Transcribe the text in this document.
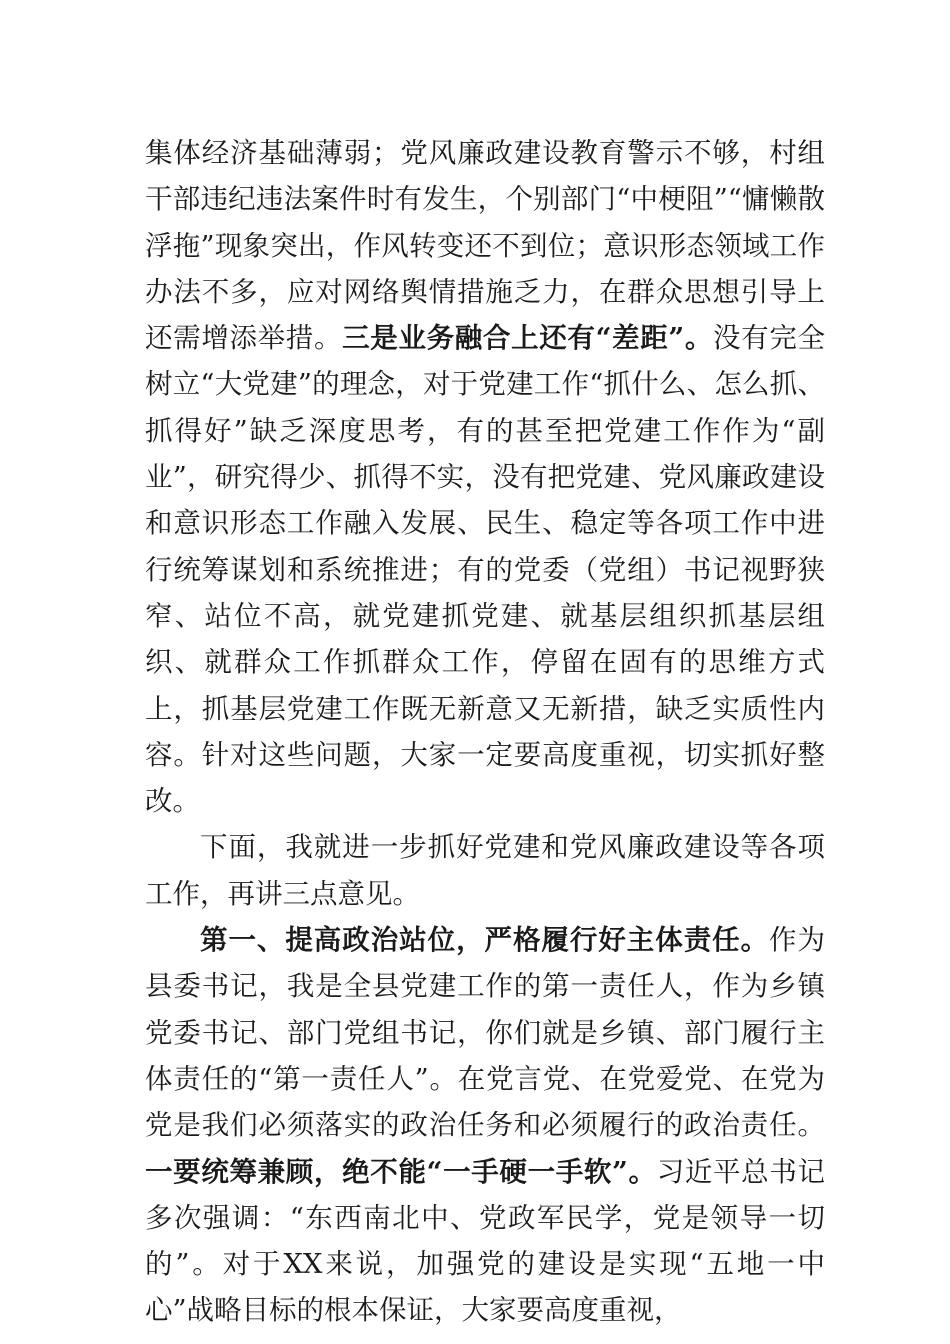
集体经济基础薄弱；党风廉政建设教育警示不够，村组干部违纪违法案件时有发生，个别部门“中梗阻”“慵懒散浮拖”现象突出，作风转变还不到位；意识形态领域工作办法不多，应对网络舆情措施乏力，在群众思想引导上还需增添举措。三是业务融合上还有“差距”。没有完全树立“大党建”的理念，对于党建工作“抓什么、怎么抓、抓得好”缺乏深度思考，有的甚至把党建工作作为“副业”，研究得少、抓得不实，没有把党建、党风廉政建设和意识形态工作融入发展、民生、稳定等各项工作中进行统筹谋划和系统推进；有的党委（党组）书记视野狭窄、站位不高，就党建抓党建、就基层组织抓基层组织、就群众工作抓群众工作，停留在固有的思维方式上，抓基层党建工作既无新意又无新措，缺乏实质性内容。针对这些问题，大家一定要高度重视，切实抓好整改。

下面，我就进一步抓好党建和党风廉政建设等各项工作，再讲三点意见。

第一、提高政治站位，严格履行好主体责任。作为县委书记，我是全县党建工作的第一责任人，作为乡镇党委书记、部门党组书记，你们就是乡镇、部门履行主体责任的“第一责任人”。在党言党、在党爱党、在党为党是我们必须落实的政治任务和必须履行的政治责任。一要统筹兼顾，绝不能“一手硬一手软”。习近平总书记多次强调：“东西南北中、党政军民学，党是领导一切的”。对于XX来说，加强党的建设是实现“五地一中心”战略目标的根本保证，大家要高度重视，
